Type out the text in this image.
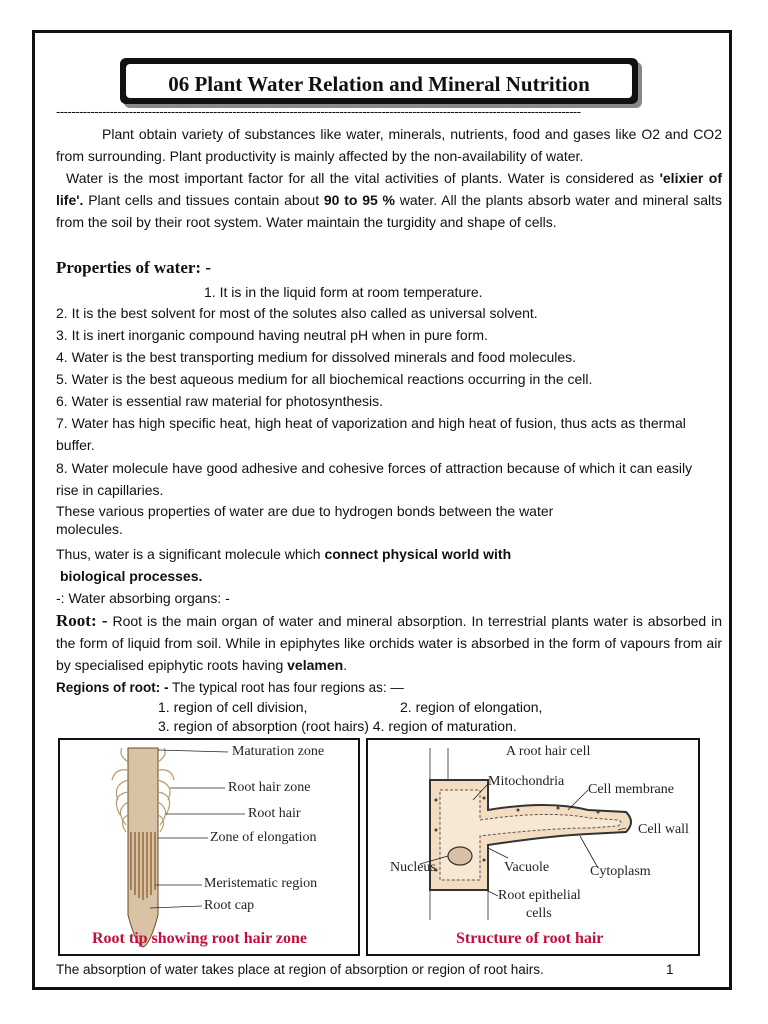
06 Plant Water Relation and Mineral Nutrition
-----------------------------------------------------------------------------------------------------------------------------------------
Plant obtain variety of substances like water, minerals, nutrients, food and gases like O2 and CO2 from surrounding. Plant productivity is mainly affected by the non-availability of water.
Water is the most important factor for all the vital activities of plants. Water is considered as 'elixier of life'. Plant cells and tissues contain about 90 to 95 % water. All the plants absorb water and mineral salts from the soil by their root system. Water maintain the turgidity and shape of cells.
Properties of water: -
1. It is in the liquid form at room temperature.
2. It is the best solvent for most of the solutes also called as universal solvent.
3. It is inert inorganic compound having neutral pH when in pure form.
4. Water is the best transporting medium for dissolved minerals and food molecules.
5. Water is the best aqueous medium for all biochemical reactions occurring in the cell.
6. Water is essential raw material for photosynthesis.
7. Water has high specific heat, high heat of vaporization and high heat of fusion, thus acts as thermal buffer.
8. Water molecule have good adhesive and cohesive forces of attraction because of which it can easily rise in capillaries.
These various properties of water are due to hydrogen bonds between the water molecules.
Thus, water is a significant molecule which connect physical world with
biological processes.
-: Water absorbing organs: -
Root: - Root is the main organ of water and mineral absorption. In terrestrial plants water is absorbed in the form of liquid from soil. While in epiphytes like orchids water is absorbed in the form of vapours from air by specialised epiphytic roots having velamen.
Regions of root: - The typical root has four regions as: —
1. region of cell division,	2. region of elongation,
3. region of absorption (root hairs) 4. region of maturation.
Maturation zone
Root hair zone
Root hair
Zone of elongation
Meristematic region
Root cap
Root tip showing root hair zone
A root hair cell
Mitochondria
Cell membrane
Cell wall
Nucleus	Vacuole	Cytoplasm
Root epithelial
cells
Structure of root hair
The absorption of water takes place at region of absorption or region of root hairs.	1
